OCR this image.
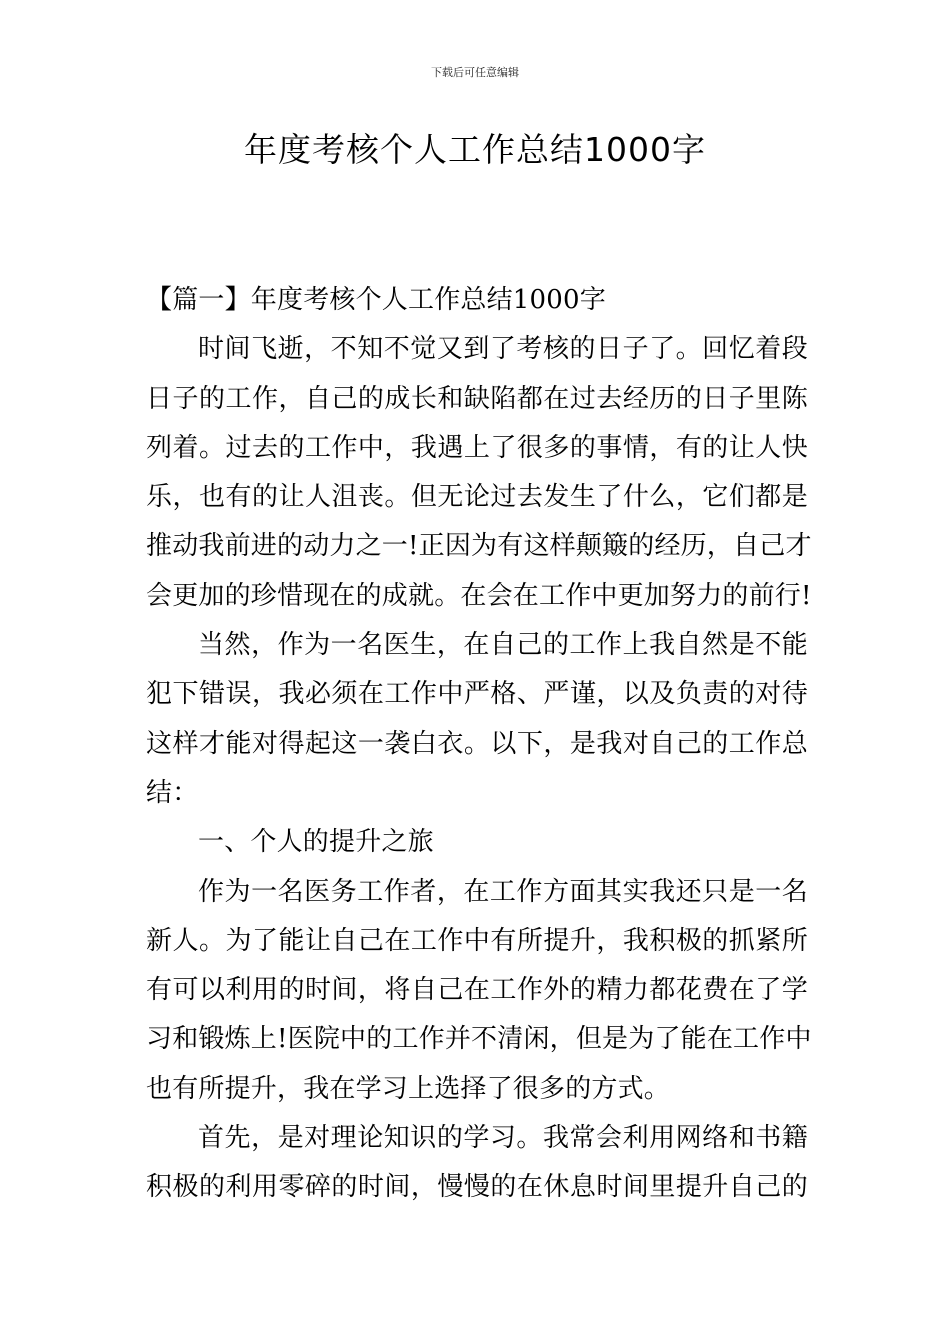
下载后可任意编辑
年度考核个人工作总结1000字
【篇一】年度考核个人工作总结1000字
时间飞逝，不知不觉又到了考核的日子了。回忆着段
日子的工作，自己的成长和缺陷都在过去经历的日子里陈
列着。过去的工作中，我遇上了很多的事情，有的让人快
乐，也有的让人沮丧。但无论过去发生了什么，它们都是
推动我前进的动力之一!正因为有这样颠簸的经历，自己才
会更加的珍惜现在的成就。在会在工作中更加努力的前行!
当然，作为一名医生，在自己的工作上我自然是不能
犯下错误，我必须在工作中严格、严谨，以及负责的对待
这样才能对得起这一袭白衣。以下，是我对自己的工作总
结：
一、个人的提升之旅
作为一名医务工作者，在工作方面其实我还只是一名
新人。为了能让自己在工作中有所提升，我积极的抓紧所
有可以利用的时间，将自己在工作外的精力都花费在了学
习和锻炼上!医院中的工作并不清闲，但是为了能在工作中
也有所提升，我在学习上选择了很多的方式。
首先，是对理论知识的学习。我常会利用网络和书籍
积极的利用零碎的时间，慢慢的在休息时间里提升自己的
